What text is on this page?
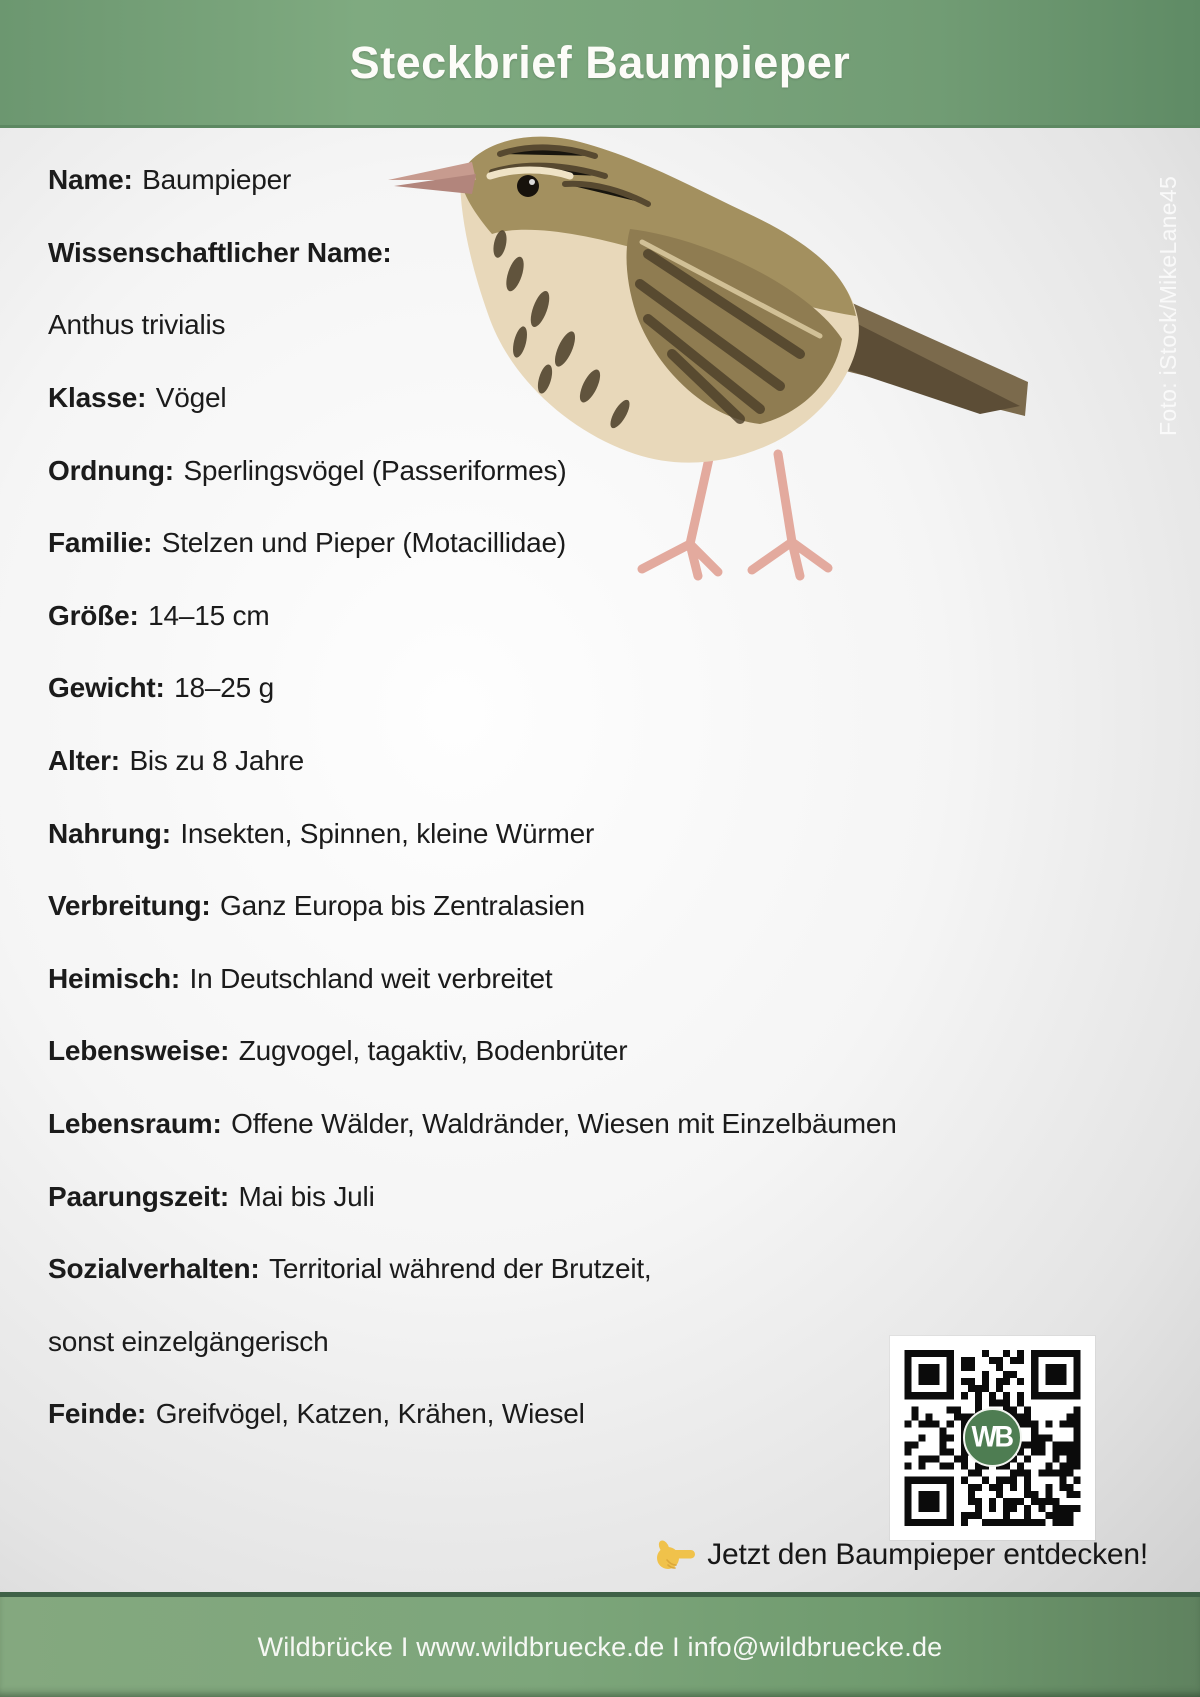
Steckbrief Baumpieper
Foto: iStock/MikeLane45
Name: Baumpieper
Wissenschaftlicher Name:
Anthus trivialis
Klasse: Vögel
Ordnung: Sperlingsvögel (Passeriformes)
Familie: Stelzen und Pieper (Motacillidae)
Größe: 14–15 cm
Gewicht: 18–25 g
Alter: Bis zu 8 Jahre
Nahrung: Insekten, Spinnen, kleine Würmer
Verbreitung: Ganz Europa bis Zentralasien
Heimisch: In Deutschland weit verbreitet
Lebensweise: Zugvogel, tagaktiv, Bodenbrüter
Lebensraum: Offene Wälder, Waldränder, Wiesen mit Einzelbäumen
Paarungszeit: Mai bis Juli
Sozialverhalten: Territorial während der Brutzeit,
sonst einzelgängerisch
Feinde: Greifvögel, Katzen, Krähen, Wiesel
WB
Jetzt den Baumpieper entdecken!
Wildbrücke I www.wildbruecke.de I info@wildbruecke.de
